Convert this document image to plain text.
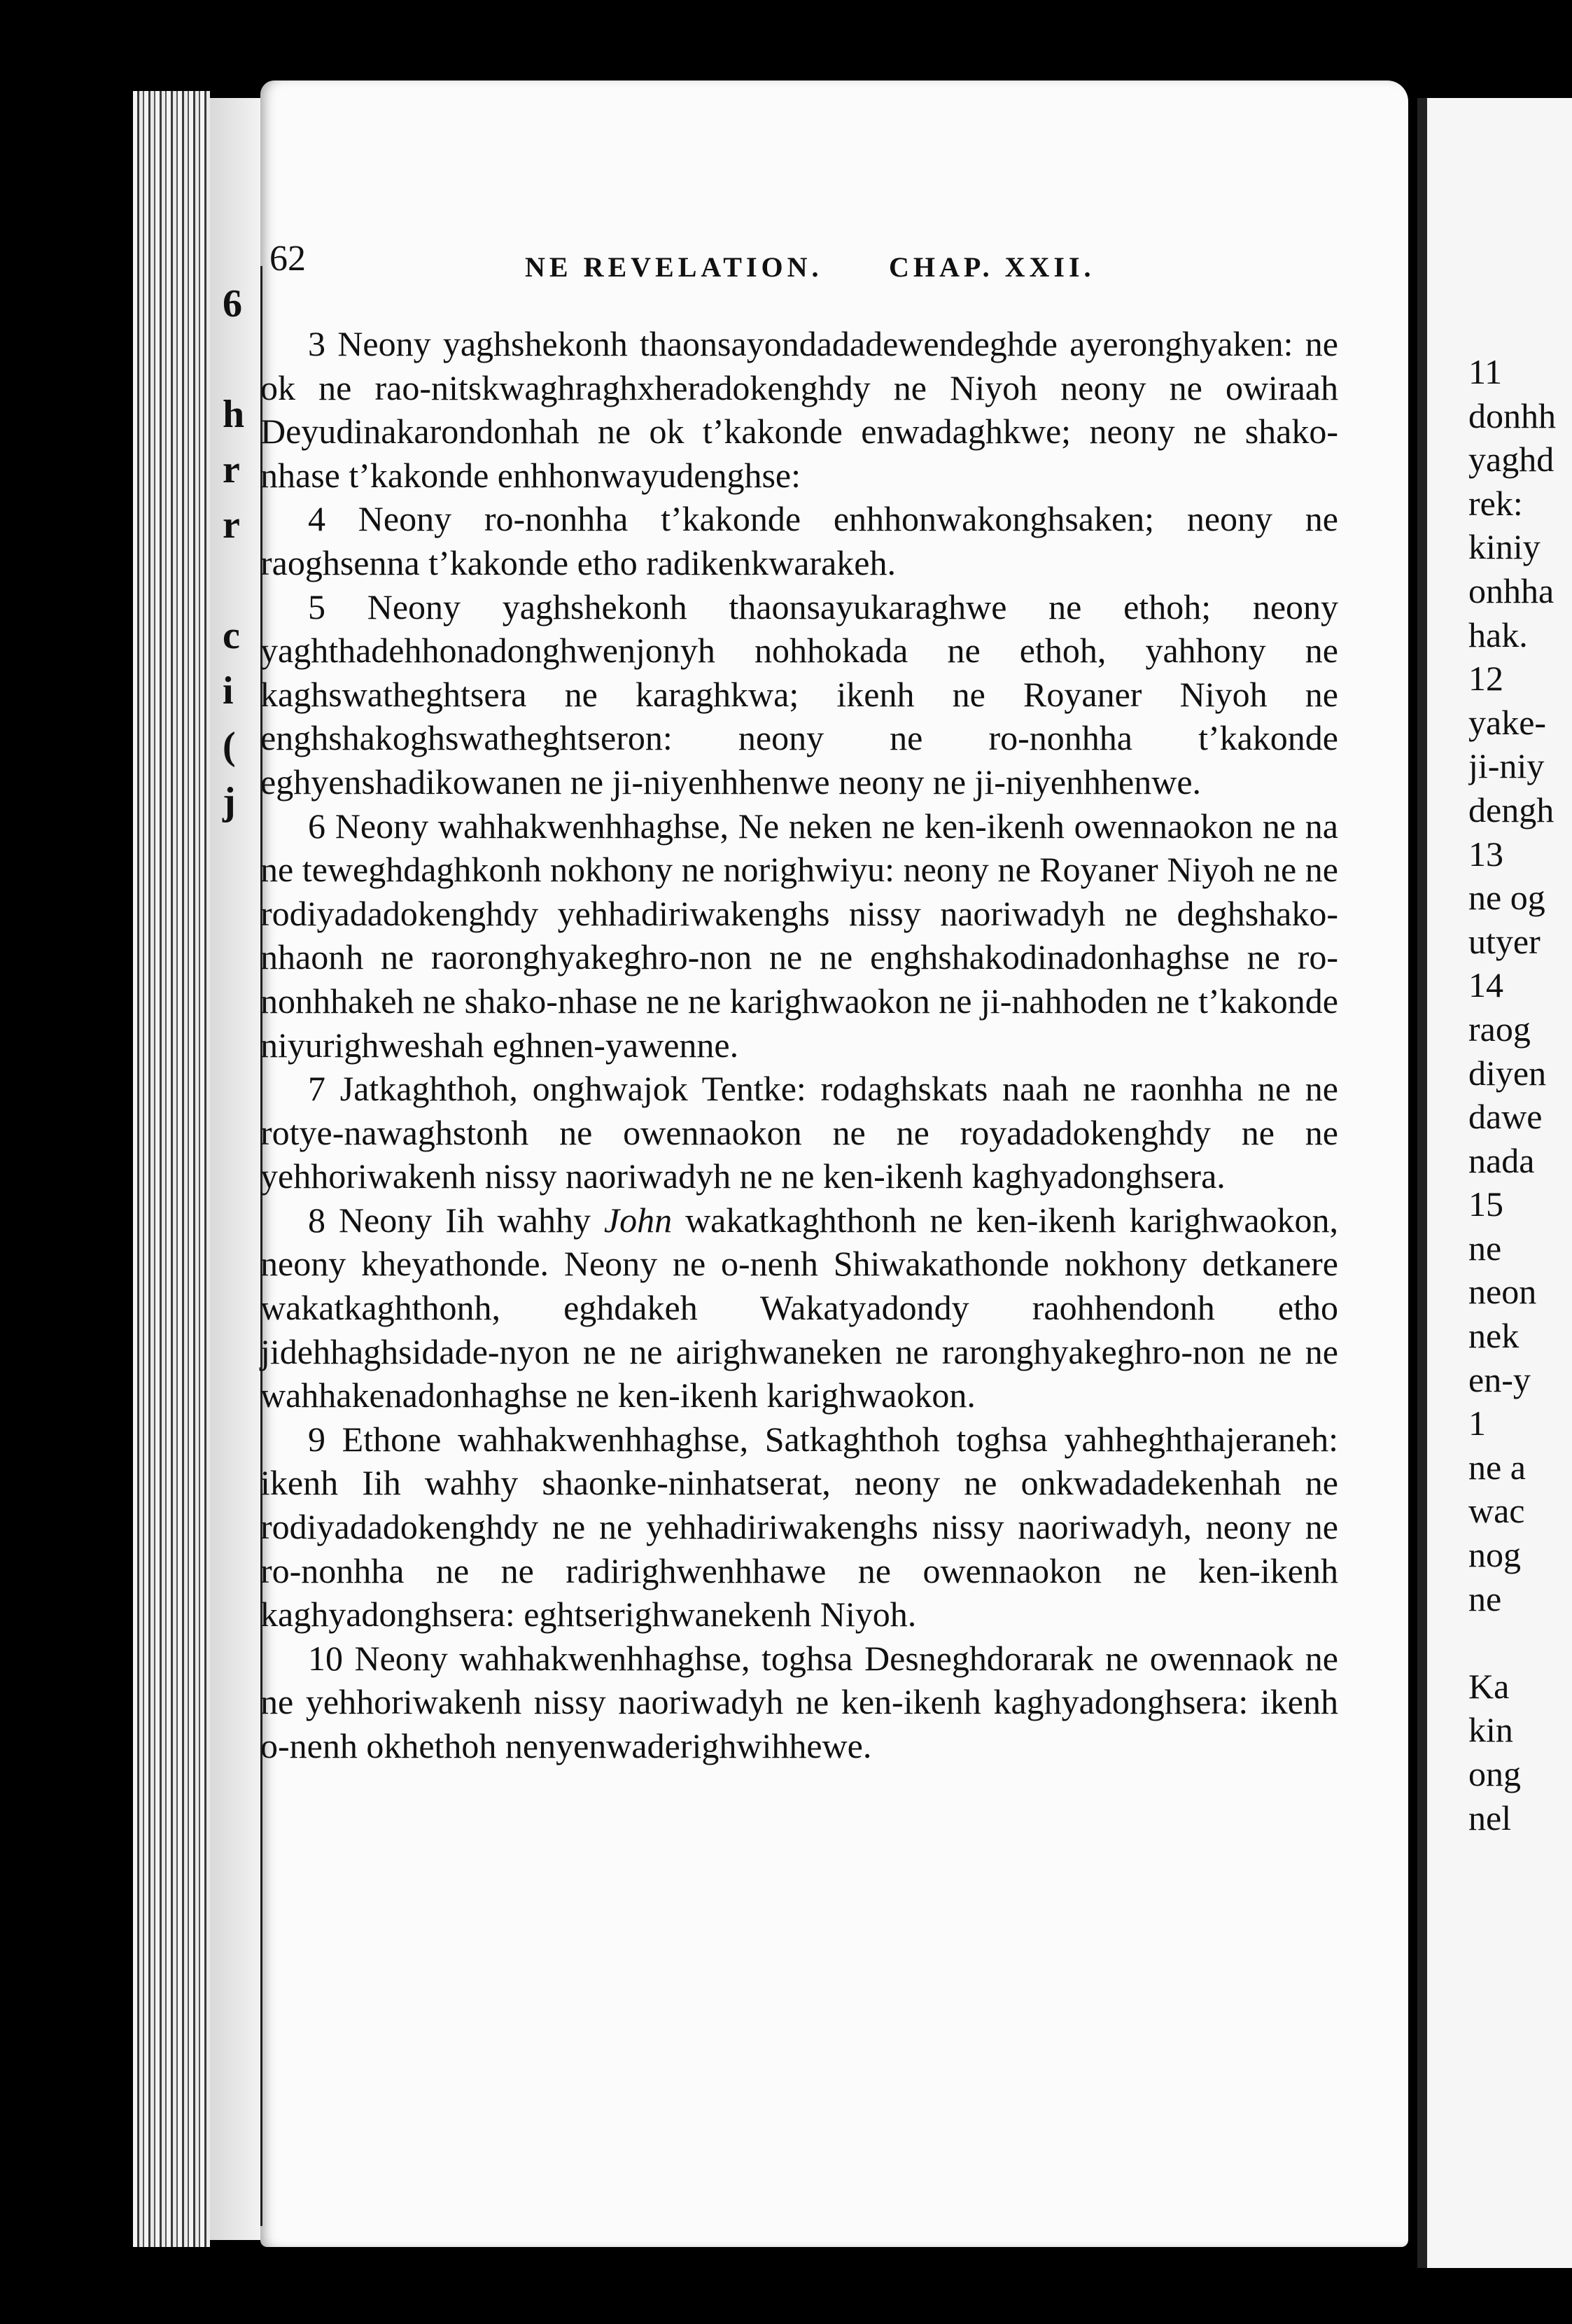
6

h
r
r

c
i
(
j
62	NE REVELATION. CHAP. XXII.

3 Neony yaghshekonh thaonsayondadadewendeghde ayeronghyaken: ne ok ne rao-nitskwaghraghxheradokenghdy ne Niyoh neony ne owiraah Deyudinakarondonhah ne ok t’kakonde enwadaghkwe; neony ne shako-nhase t’kakonde enhhonwayudenghse:

4 Neony ro-nonhha t’kakonde enhhonwakonghsaken; neony ne raoghsenna t’kakonde etho radikenkwarakeh.

5 Neony yaghshekonh thaonsayukaraghwe ne ethoh; neony yaghthadehhonadonghwenjonyh nohhokada ne ethoh, yahhony ne kaghswatheghtsera ne karaghkwa; ikenh ne Royaner Niyoh ne enghshakoghswatheghtseron: neony ne ro-nonhha t’kakonde eghyenshadikowanen ne ji-niyenhhenwe neony ne ji-niyenhhenwe.

6 Neony wahhakwenhhaghse, Ne neken ne ken-ikenh owennaokon ne na ne teweghdaghkonh nokhony ne norighwiyu: neony ne Royaner Niyoh ne ne rodiyadadokenghdy yehhadiriwakenghs nissy naoriwadyh ne deghshako-nhaonh ne raoronghyakeghro-non ne ne enghshakodinadonhaghse ne ro-nonhhakeh ne shako-nhase ne ne karighwaokon ne ji-nahhoden ne t’kakonde niyurighweshah eghnen-yawenne.

7 Jatkaghthoh, onghwajok Tentke: rodaghskats naah ne raonhha ne ne rotye-nawaghstonh ne owennaokon ne ne royadadokenghdy ne ne yehhoriwakenh nissy naoriwadyh ne ne ken-ikenh kaghyadonghsera.

8 Neony Iih wahhy John wakatkaghthonh ne ken-ikenh karighwaokon, neony kheyathonde. Neony ne o-nenh Shiwakathonde nokhony detkanere wakatkaghthonh, eghdakeh Wakatyadondy raohhendonh etho jidehhaghsidade-nyon ne ne airighwaneken ne raronghyakeghro-non ne ne wahhakenadonhaghse ne ken-ikenh karighwaokon.

9 Ethone wahhakwenhhaghse, Satkaghthoh toghsa yahheghthajeraneh: ikenh Iih wahhy shaonke-ninhatserat, neony ne onkwadadekenhah ne rodiyadadokenghdy ne ne yehhadiriwakenghs nissy naoriwadyh, neony ne ro-nonhha ne ne radirighwenhhawe ne owennaokon ne ken-ikenh kaghyadonghsera: eghtserighwanekenh Niyoh.

10 Neony wahhakwenhhaghse, toghsa Desneghdorarak ne owennaok ne ne yehhoriwakenh nissy naoriwadyh ne ken-ikenh kaghyadonghsera: ikenh o-nenh okhethoh nenyenwaderighwihhewe.

11
donhh
yaghd
rek:
kiniy
onhha
hak.
12
yake-
ji-niy
dengh
13
ne og
utyer
14
raog
diyen
dawe
nada
15
ne
neon
nek
en-y
1
ne a
wac
nog
ne

Ka
kin
ong
nel
